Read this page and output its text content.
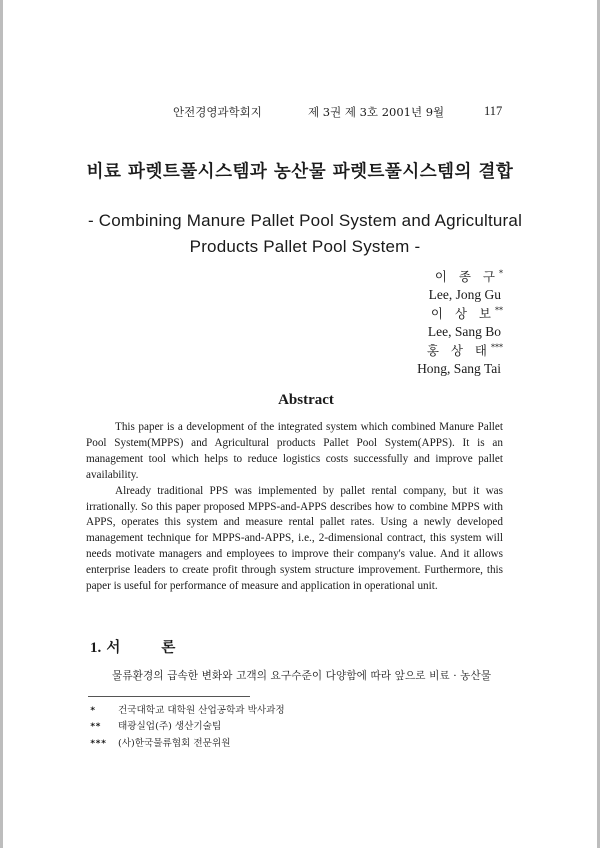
안전경영과학회지	제 3권 제 3호 2001년 9월	117
비료 파렛트풀시스템과 농산물 파렛트풀시스템의 결합
- Combining Manure Pallet Pool System and Agricultural Products Pallet Pool System -
이 종 구*
Lee, Jong Gu
이 상 보**
Lee, Sang Bo
홍 상 태***
Hong, Sang Tai
Abstract

This paper is a development of the integrated system which combined Manure Pallet Pool System(MPPS) and Agricultural products Pallet Pool System(APPS). It is an management tool which helps to reduce logistics costs successfully and improve pallet availability.

Already traditional PPS was implemented by pallet rental company, but it was irrationally. So this paper proposed MPPS-and-APPS describes how to combine MPPS with APPS, operates this system and measure rental pallet rates. Using a newly developed management technique for MPPS-and-APPS, i.e., 2-dimensional contract, this system will needs motivate managers and employees to improve their company's value. And it allows enterprise leaders to create profit through system structure improvement. Furthermore, this paper is useful for performance of measure and application in operational unit.

1. 서	론
물류환경의 급속한 변화와 고객의 요구수준이 다양함에 따라 앞으로 비료 · 농산물
* 건국대학교 대학원 산업공학과 박사과정
** 태광실업(주) 생산기술팀
*** (사)한국물류협회 전문위원
